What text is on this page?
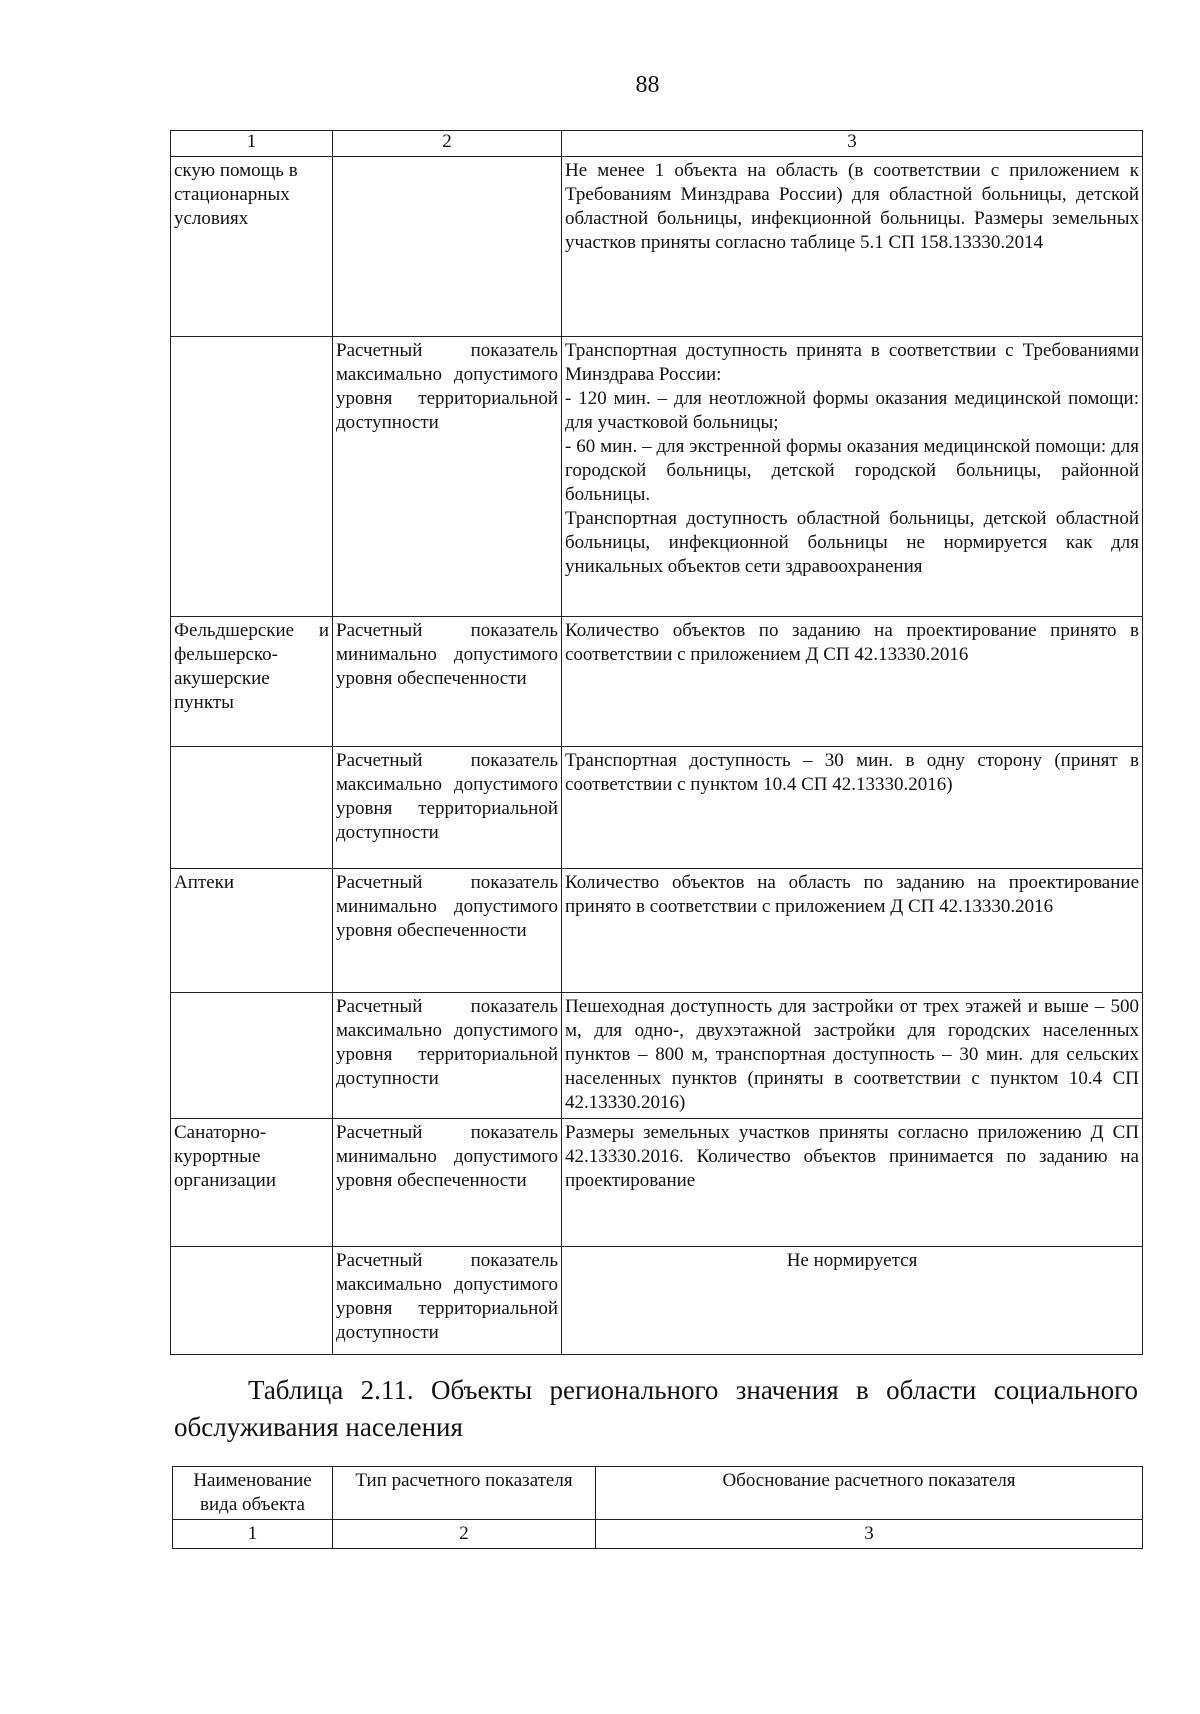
88
1	2	3
скую помощь в стационарных условиях		Не менее 1 объекта на область (в соответствии с приложением к Требованиям Минздрава России) для областной больницы, детской областной больницы, инфекционной больницы. Размеры земельных участков приняты согласно таблице 5.1 СП 158.13330.2014
	Расчетный показатель максимально допустимого уровня территориальной доступности	Транспортная доступность принята в соответствии с Требованиями Минздрава России:
- 120 мин. – для неотложной формы оказания медицинской помощи: для участковой больницы;
- 60 мин. – для экстренной формы оказания медицинской помощи: для городской больницы, детской городской больницы, районной больницы.
Транспортная доступность областной больницы, детской областной больницы, инфекционной больницы не нормируется как для уникальных объектов сети здравоохранения

Фельдшерские и фельшерско-акушерские пункты	Расчетный показатель минимально допустимого уровня обеспеченности	Количество объектов по заданию на проектирование принято в соответствии с приложением Д СП 42.13330.2016
	Расчетный показатель максимально допустимого уровня территориальной доступности	Транспортная доступность – 30 мин. в одну сторону (принят в соответствии с пунктом 10.4 СП 42.13330.2016)
Аптеки	Расчетный показатель минимально допустимого уровня обеспеченности	Количество объектов на область по заданию на проектирование принято в соответствии с приложением Д СП 42.13330.2016
	Расчетный показатель максимально допустимого уровня территориальной доступности	Пешеходная доступность для застройки от трех этажей и выше – 500 м, для одно-, двухэтажной застройки для городских населенных пунктов – 800 м, транспортная доступность – 30 мин. для сельских населенных пунктов (приняты в соответствии с пунктом 10.4 СП 42.13330.2016)
Санаторно-курортные организации	Расчетный показатель минимально допустимого уровня обеспеченности	Размеры земельных участков приняты согласно приложению Д СП 42.13330.2016. Количество объектов принимается по заданию на проектирование
	Расчетный показатель максимально допустимого уровня территориальной доступности	Не нормируется
Таблица 2.11. Объекты регионального значения в области социального обслуживания населения
Наименование вида объекта	Тип расчетного показателя	Обоснование расчетного показателя
1	2	3
